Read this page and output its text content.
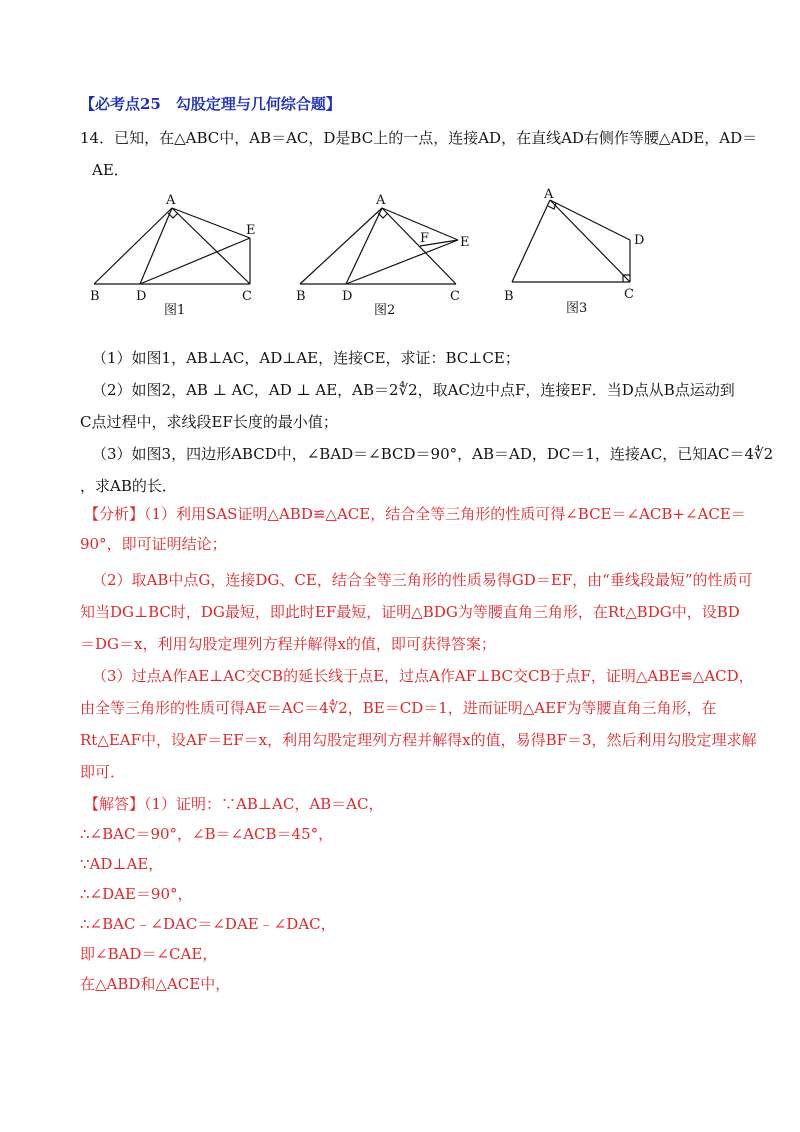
【必考点25　勾股定理与几何综合题】
14．已知，在△ABC中，AB＝AC，D是BC上的一点，连接AD，在直线AD右侧作等腰△ADE，AD＝
AE．
A
B	D	C
E
图1
A
B	D	C
E
F
图2
A
B	C
D
图3
（1）如图1，AB⊥AC，AD⊥AE，连接CE，求证：BC⊥CE；
（2）如图2，AB ⊥ AC，AD ⊥ AE，AB＝2∜2，取AC边中点F，连接EF．当D点从B点运动到
C点过程中，求线段EF长度的最小值；
（3）如图3，四边形ABCD中，∠BAD＝∠BCD＝90°，AB＝AD，DC＝1，连接AC，已知AC＝4∜2
，求AB的长．
【分析】（1）利用SAS证明△ABD≌△ACE，结合全等三角形的性质可得∠BCE＝∠ACB+∠ACE＝
90°，即可证明结论；
（2）取AB中点G，连接DG、CE，结合全等三角形的性质易得GD＝EF，由“垂线段最短”的性质可
知当DG⊥BC时，DG最短，即此时EF最短，证明△BDG为等腰直角三角形，在Rt△BDG中，设BD
＝DG＝x，利用勾股定理列方程并解得x的值，即可获得答案；
（3）过点A作AE⊥AC交CB的延长线于点E，过点A作AF⊥BC交CB于点F，证明△ABE≌△ACD，
由全等三角形的性质可得AE＝AC＝4∜2，BE＝CD＝1，进而证明△AEF为等腰直角三角形，在
Rt△EAF中，设AF＝EF＝x，利用勾股定理列方程并解得x的值，易得BF＝3，然后利用勾股定理求解
即可．
【解答】（1）证明：∵AB⊥AC，AB＝AC，
∴∠BAC＝90°，∠B＝∠ACB＝45°，
∵AD⊥AE，
∴∠DAE＝90°，
∴∠BAC﹣∠DAC＝∠DAE﹣∠DAC，
即∠BAD＝∠CAE，
在△ABD和△ACE中，
